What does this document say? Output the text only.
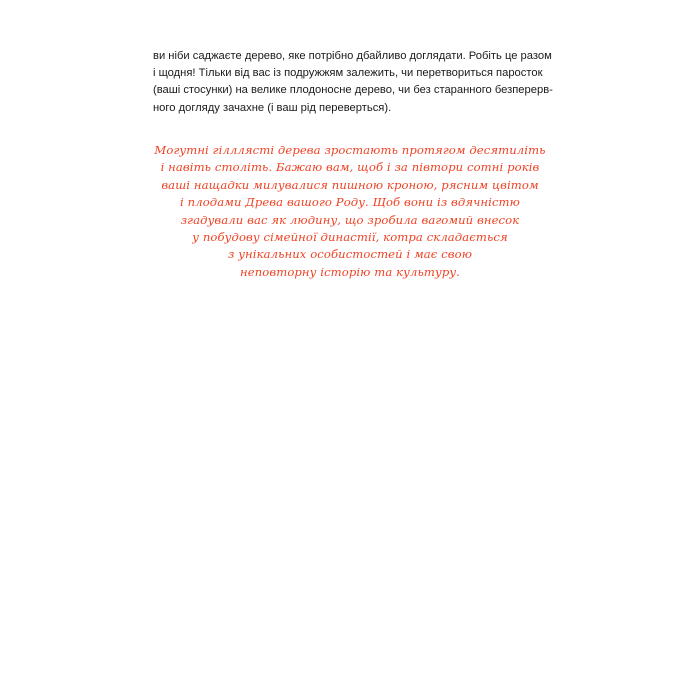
ви ніби саджаєте дерево, яке потрібно дбайливо доглядати. Робіть це разом
і щодня! Тільки від вас із подружжям залежить, чи перетвориться паросток
(ваші стосунки) на велике плодоносне дерево, чи без старанного безперерв-
ного догляду зачахне (і ваш рід переверться).

Могутні гілллясті дерева зростають протягом десятиліть
і навіть століть. Бажаю вам, щоб і за півтори сотні років
ваші нащадки милувалися пишною кроною, рясним цвітом
і плодами Древа вашого Роду. Щоб вони із вдячністю
згадували вас як людину, що зробила вагомий внесок
у побудову сімейної династії, котра складається
з унікальних особистостей і має свою
неповторну історію та культуру.
